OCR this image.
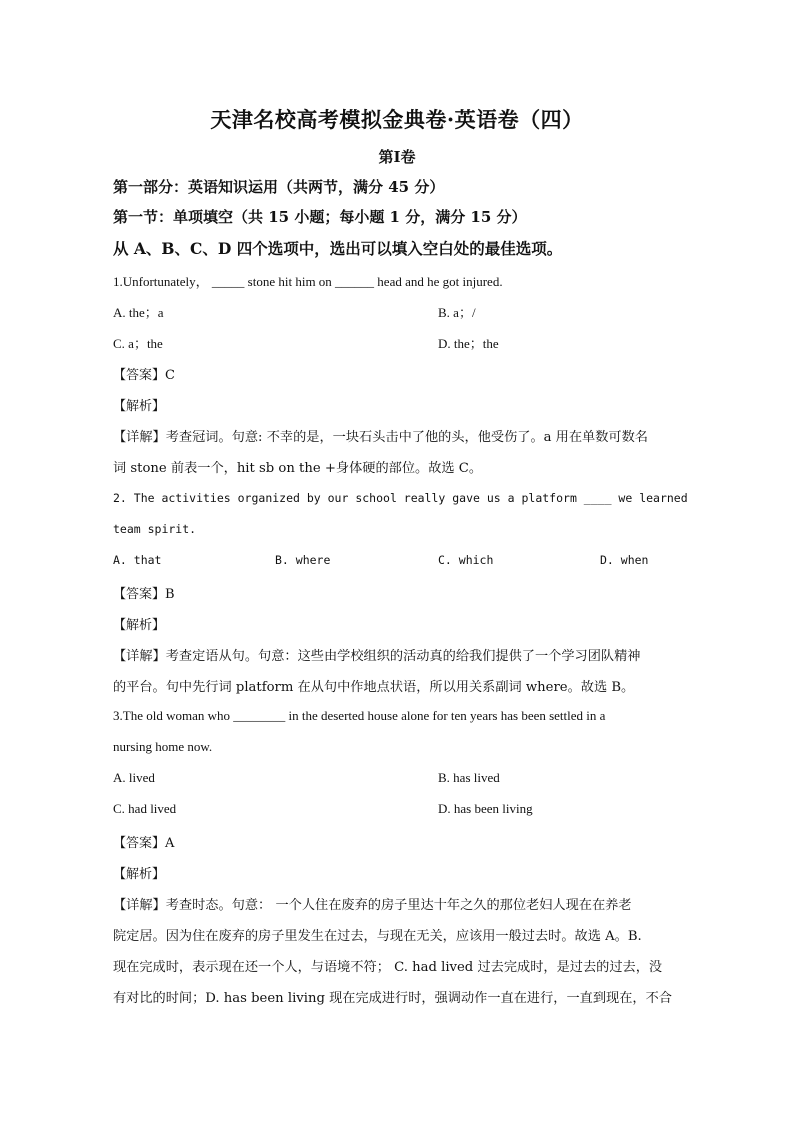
天津名校高考模拟金典卷·英语卷（四）
第Ⅰ卷
第一部分：英语知识运用（共两节，满分 45 分）
第一节：单项填空（共 15 小题；每小题 1 分，满分 15 分）
从 A、B、C、D 四个选项中，选出可以填入空白处的最佳选项。
1.Unfortunately， _____ stone hit him on ______ head and he got injured.
A. the；a	B. a；/
C. a；the	D. the；the
【答案】C
【解析】
【详解】考查冠词。句意: 不幸的是，一块石头击中了他的头，他受伤了。a 用在单数可数名
词 stone 前表一个，hit sb on the +身体硬的部位。故选 C。
2. The activities organized by our school really gave us a platform ____ we learned
team spirit.
A. that	B. where	C. which	D. when
【答案】B
【解析】
【详解】考查定语从句。句意：这些由学校组织的活动真的给我们提供了一个学习团队精神
的平台。句中先行词 platform 在从句中作地点状语，所以用关系副词 where。故选 B。
3.The old woman who ________ in the deserted house alone for ten years has been settled in a
nursing home now.
A. lived	B. has lived
C. had lived	D. has been living
【答案】A
【解析】
【详解】考查时态。句意： 一个人住在废弃的房子里达十年之久的那位老妇人现在在养老
院定居。因为住在废弃的房子里发生在过去，与现在无关，应该用一般过去时。故选 A。B.
现在完成时，表示现在还一个人，与语境不符； C. had lived 过去完成时，是过去的过去，没
有对比的时间；D. has been living 现在完成进行时，强调动作一直在进行，一直到现在，不合
